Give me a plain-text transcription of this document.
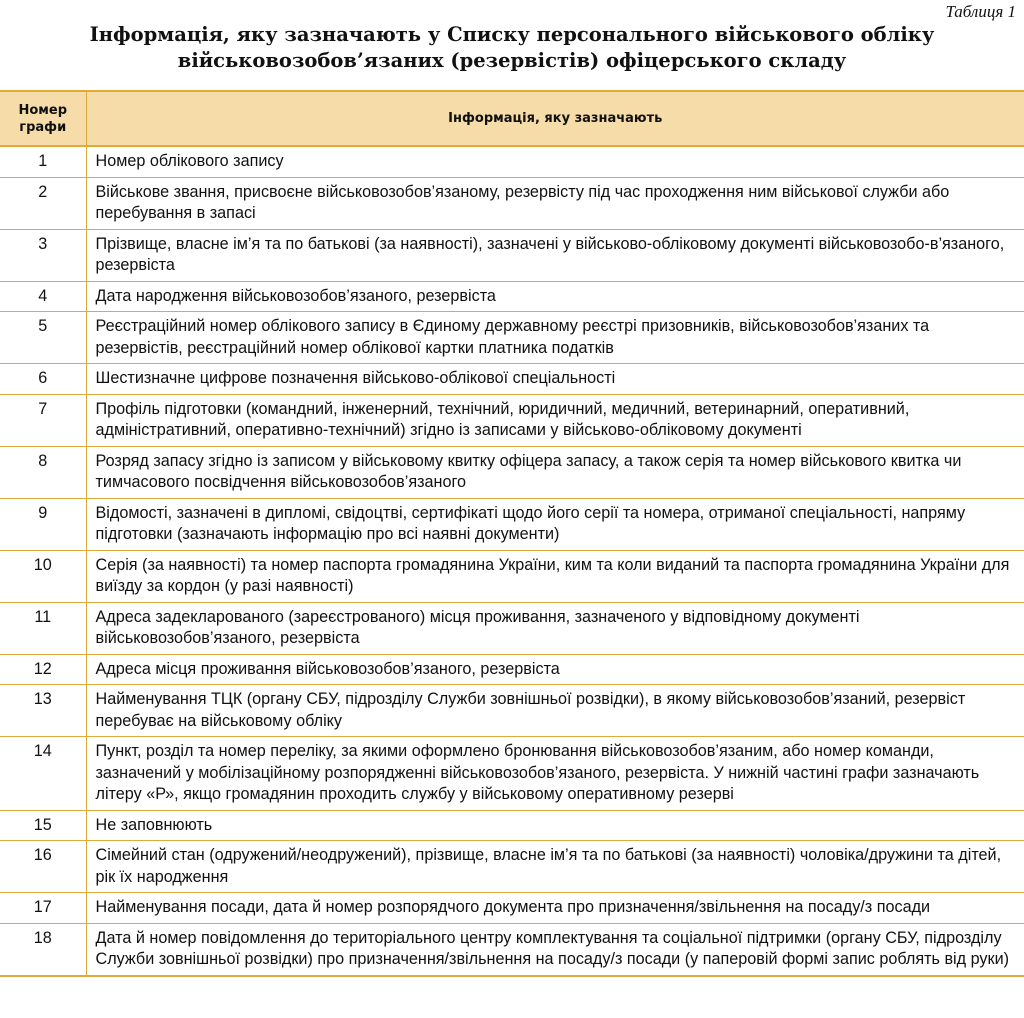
Таблиця 1
Інформація, яку зазначають у Списку персонального військового обліку
військовозобов’язаних (резервістів) офіцерського складу
Номер графи	Інформація, яку зазначають
1	Номер облікового запису
2	Військове звання, присвоєне військовозобов’язаному, резервісту під час проходження ним військової служби або перебування в запасі
3	Прізвище, власне ім’я та по батькові (за наявності), зазначені у військово-обліковому документі військовозобо-в’язаного, резервіста
4	Дата народження військовозобов’язаного, резервіста
5	Реєстраційний номер облікового запису в Єдиному державному реєстрі призовників, військовозобов’язаних та резервістів, реєстраційний номер облікової картки платника податків
6	Шестизначне цифрове позначення військово-облікової спеціальності
7	Профіль підготовки (командний, інженерний, технічний, юридичний, медичний, ветеринарний, оперативний, адміністративний, оперативно-технічний) згідно із записами у військово-обліковому документі
8	Розряд запасу згідно із записом у військовому квитку офіцера запасу, а також серія та номер військового квитка чи тимчасового посвідчення військовозобов’язаного
9	Відомості, зазначені в дипломі, свідоцтві, сертифікаті щодо його серії та номера, отриманої спеціальності, напряму підготовки (зазначають інформацію про всі наявні документи)
10	Серія (за наявності) та номер паспорта громадянина України, ким та коли виданий та паспорта громадянина України для виїзду за кордон (у разі наявності)
11	Адреса задекларованого (зареєстрованого) місця проживання, зазначеного у відповідному документі військовозобов’язаного, резервіста
12	Адреса місця проживання військовозобов’язаного, резервіста
13	Найменування ТЦК (органу СБУ, підрозділу Служби зовнішньої розвідки), в якому військовозобов’язаний, резервіст перебуває на військовому обліку
14	Пункт, розділ та номер переліку, за якими оформлено бронювання військовозобов’язаним, або номер команди, зазначений у мобілізаційному розпорядженні військовозобов’язаного, резервіста. У нижній частині графи зазначають літеру «Р», якщо громадянин проходить службу у військовому оперативному резерві
15	Не заповнюють
16	Сімейний стан (одружений/неодружений), прізвище, власне ім’я та по батькові (за наявності) чоловіка/дружини та дітей, рік їх народження
17	Найменування посади, дата й номер розпорядчого документа про призначення/звільнення на посаду/з посади
18	Дата й номер повідомлення до територіального центру комплектування та соціальної підтримки (органу СБУ, підрозділу Служби зовнішньої розвідки) про призначення/звільнення на посаду/з посади (у паперовій формі запис роблять від руки)
